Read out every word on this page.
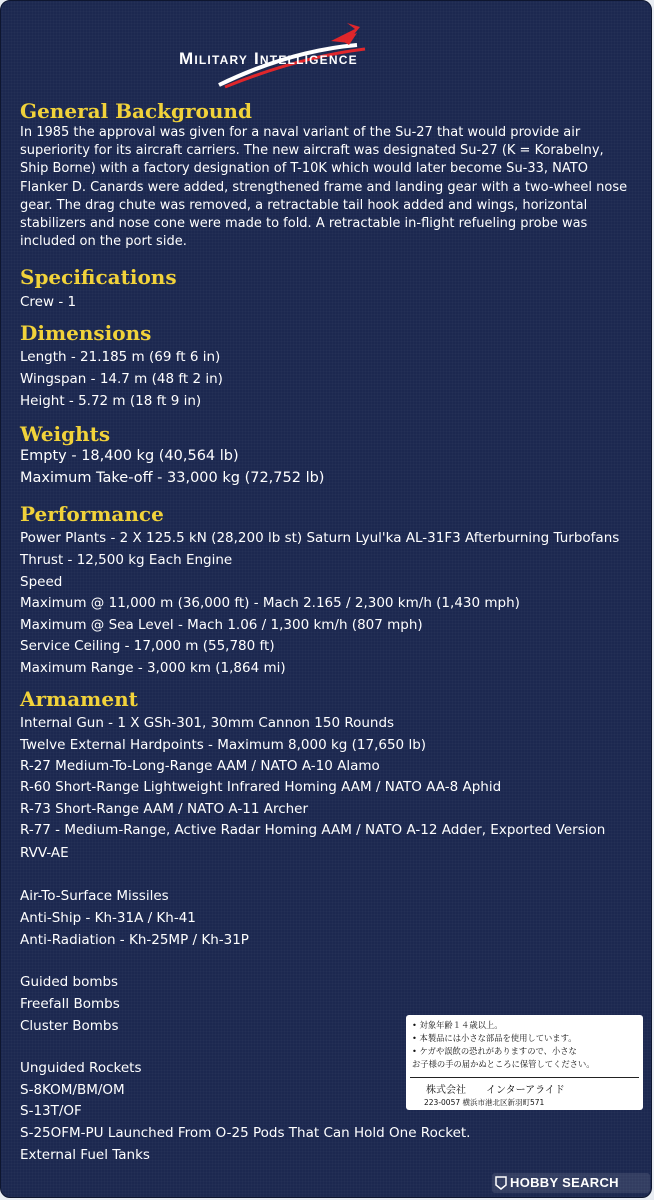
Military Intelligence
General Background

In 1985 the approval was given for a naval variant of the Su-27 that would provide air superiority for its aircraft carriers. The new aircraft was designated Su-27 (K = Korabelny, Ship Borne) with a factory designation of T-10K which would later become Su-33, NATO Flanker D. Canards were added, strengthened frame and landing gear with a two-wheel nose gear. The drag chute was removed, a retractable tail hook added and wings, horizontal stabilizers and nose cone were made to fold. A retractable in-flight refueling probe was included on the port side.

Specifications
Crew - 1
Dimensions
Length - 21.185 m (69 ft 6 in)
Wingspan - 14.7 m (48 ft 2 in)
Height - 5.72 m (18 ft 9 in)
Weights
Empty - 18,400 kg (40,564 lb)
Maximum Take-off - 33,000 kg (72,752 lb)
Performance
Power Plants - 2 X 125.5 kN (28,200 lb st) Saturn Lyul'ka AL-31F3 Afterburning Turbofans
Thrust - 12,500 kg Each Engine
Speed
Maximum @ 11,000 m (36,000 ft) - Mach 2.165 / 2,300 km/h (1,430 mph)
Maximum @ Sea Level - Mach 1.06 / 1,300 km/h (807 mph)
Service Ceiling - 17,000 m (55,780 ft)
Maximum Range - 3,000 km (1,864 mi)
Armament
Internal Gun - 1 X GSh-301, 30mm Cannon 150 Rounds
Twelve External Hardpoints - Maximum 8,000 kg (17,650 lb)
R-27 Medium-To-Long-Range AAM / NATO A-10 Alamo
R-60 Short-Range Lightweight Infrared Homing AAM / NATO AA-8 Aphid
R-73 Short-Range AAM / NATO A-11 Archer
R-77 - Medium-Range, Active Radar Homing AAM / NATO A-12 Adder, Exported Version
RVV-AE
Air-To-Surface Missiles
Anti-Ship - Kh-31A / Kh-41
Anti-Radiation - Kh-25MP / Kh-31P
Guided bombs
Freefall Bombs
Cluster Bombs
Unguided Rockets
S-8KOM/BM/OM
S-13T/OF
S-25OFM-PU Launched From O-25 Pods That Can Hold One Rocket.
External Fuel Tanks
• 対象年齢１４歳以上。
• 本製品には小さな部品を使用しています。
• ケガや誤飲の恐れがありますので、小さな
お子様の手の届かぬところに保管してください。
株式会社　　インターアライド
223-0057 横浜市港北区新羽町571
HOBBY SEARCH
